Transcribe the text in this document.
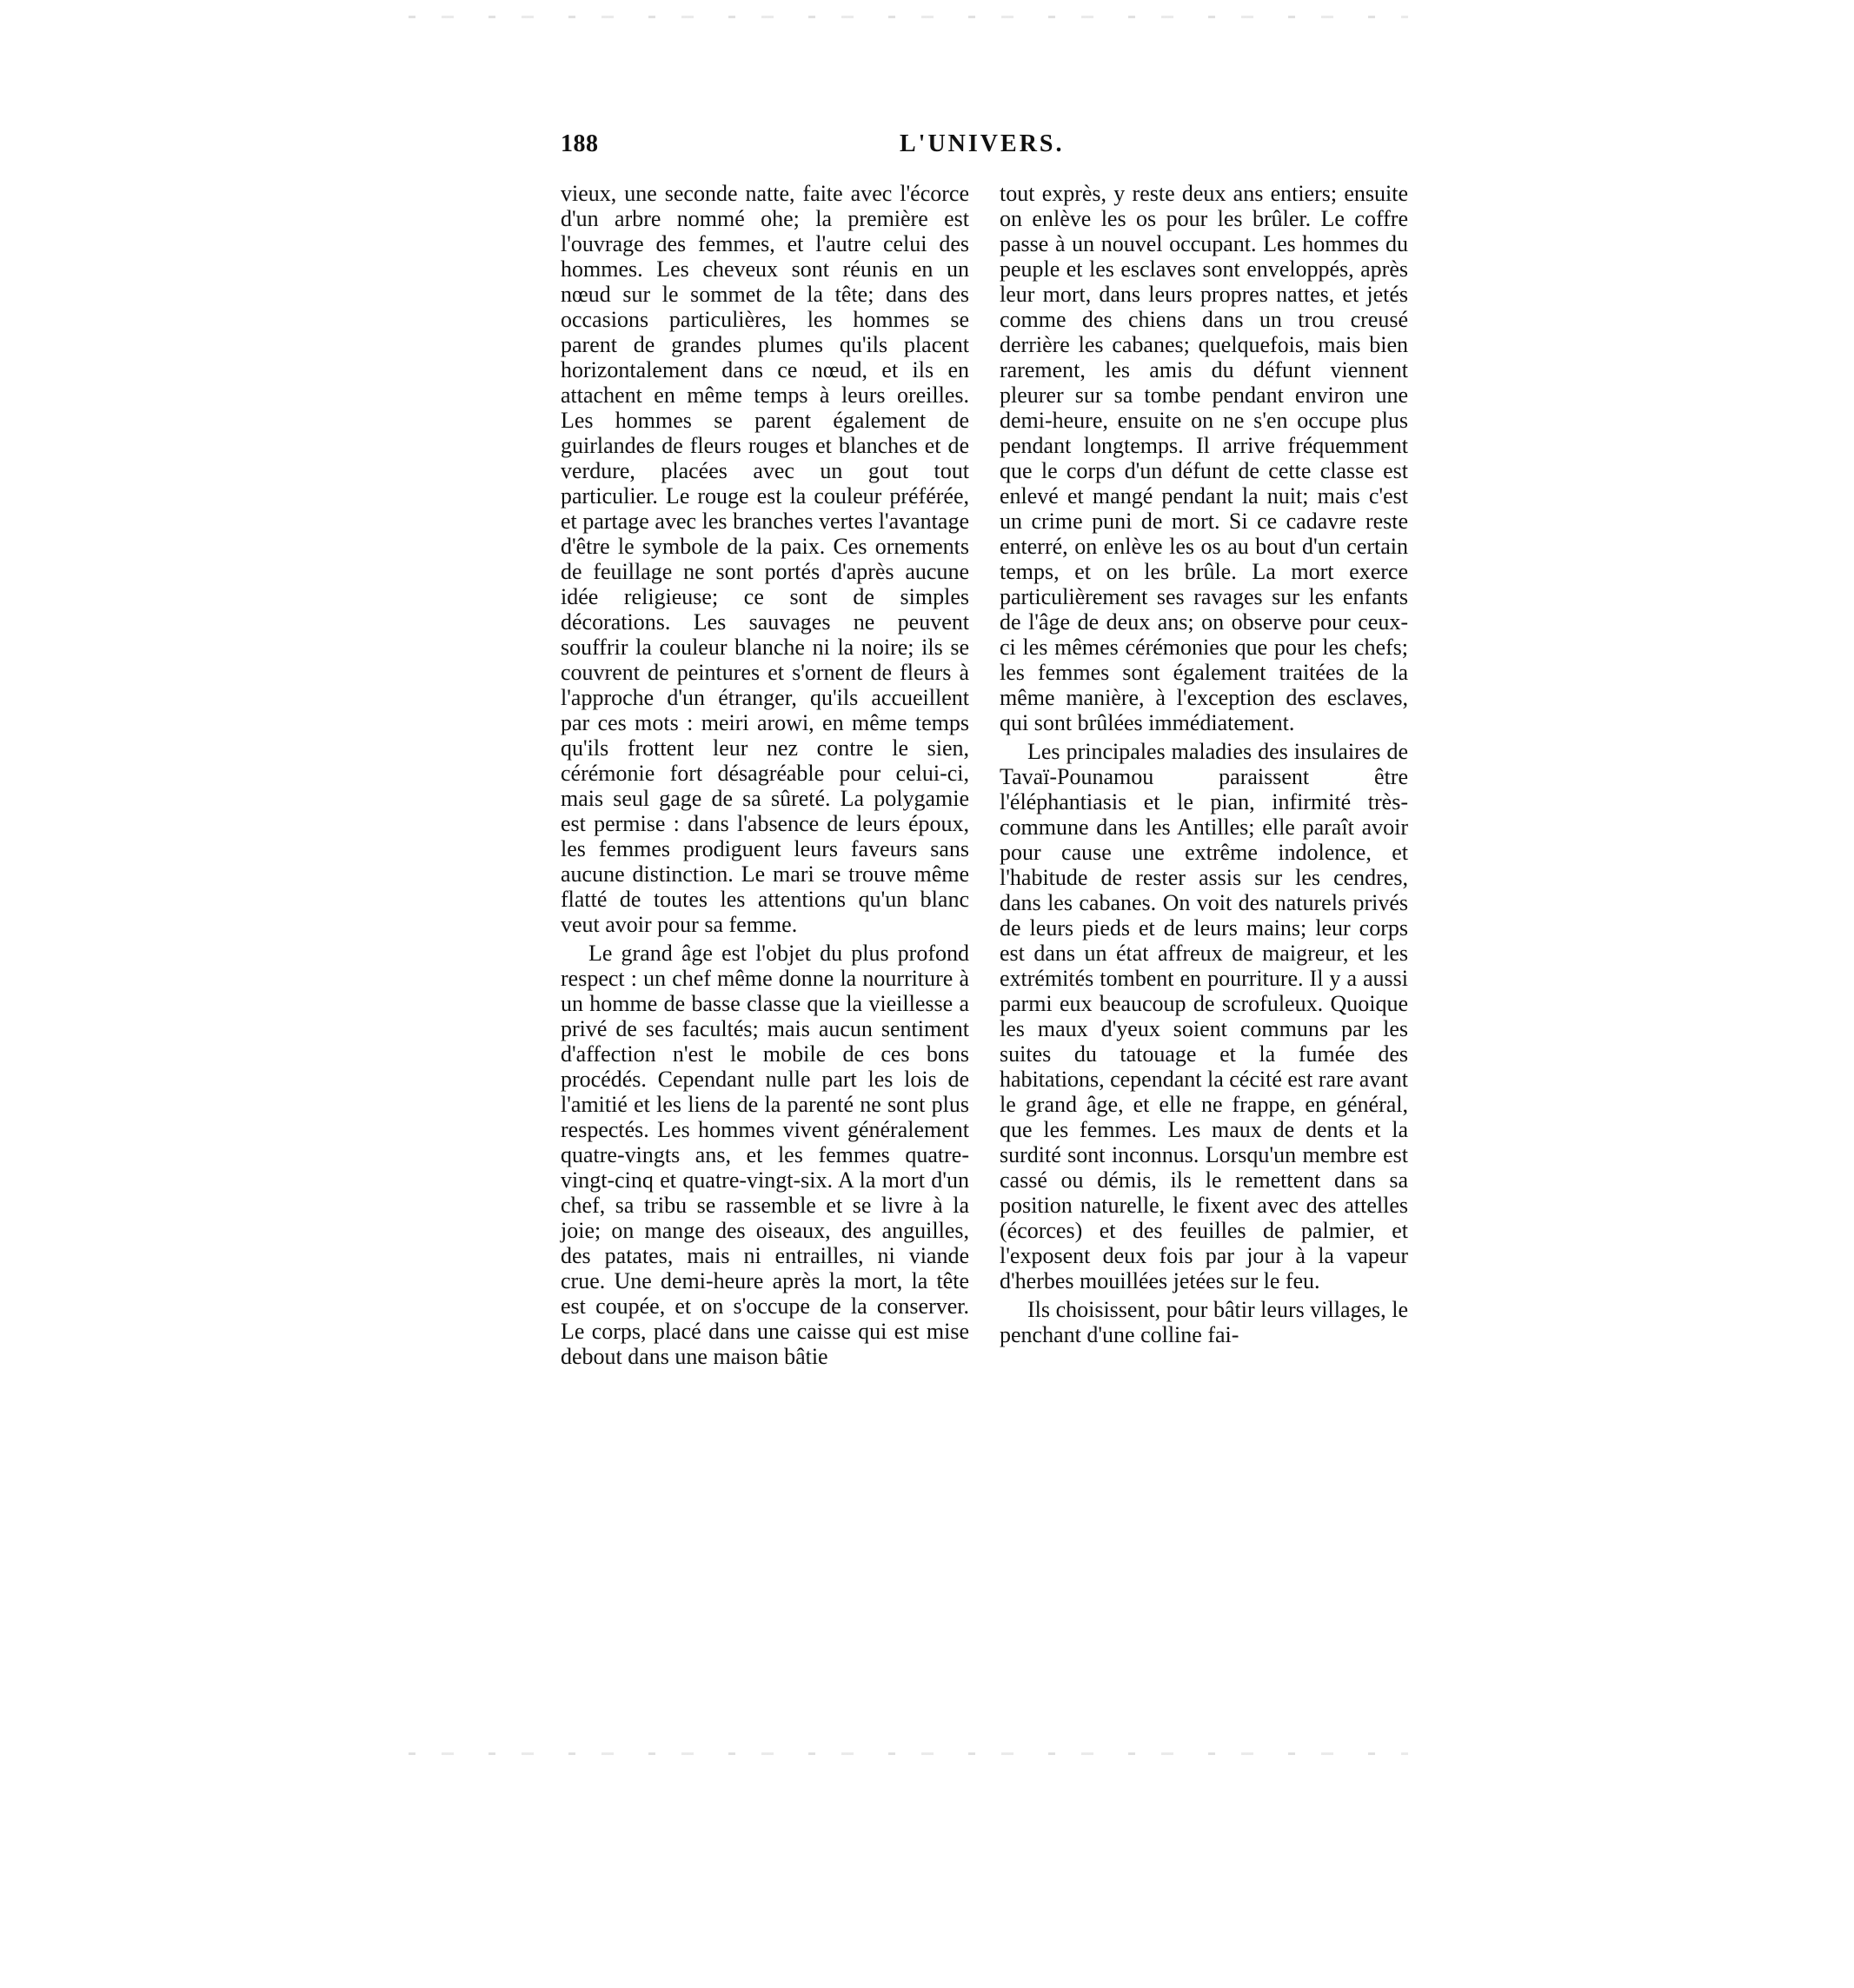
188	L'UNIVERS.

vieux, une seconde natte, faite avec l'écorce d'un arbre nommé ohe; la première est l'ouvrage des femmes, et l'autre celui des hommes. Les cheveux sont réunis en un nœud sur le sommet de la tête; dans des occasions particulières, les hommes se parent de grandes plumes qu'ils placent horizontalement dans ce nœud, et ils en attachent en même temps à leurs oreilles. Les hommes se parent également de guirlandes de fleurs rouges et blanches et de verdure, placées avec un gout tout particulier. Le rouge est la couleur préférée, et partage avec les branches vertes l'avantage d'être le symbole de la paix. Ces ornements de feuillage ne sont portés d'après aucune idée religieuse; ce sont de simples décorations. Les sauvages ne peuvent souffrir la couleur blanche ni la noire; ils se couvrent de peintures et s'ornent de fleurs à l'approche d'un étranger, qu'ils accueillent par ces mots : meiri arowi, en même temps qu'ils frottent leur nez contre le sien, cérémonie fort désagréable pour celui-ci, mais seul gage de sa sûreté. La polygamie est permise : dans l'absence de leurs époux, les femmes prodiguent leurs faveurs sans aucune distinction. Le mari se trouve même flatté de toutes les attentions qu'un blanc veut avoir pour sa femme.

Le grand âge est l'objet du plus profond respect : un chef même donne la nourriture à un homme de basse classe que la vieillesse a privé de ses facultés; mais aucun sentiment d'affection n'est le mobile de ces bons procédés. Cependant nulle part les lois de l'amitié et les liens de la parenté ne sont plus respectés. Les hommes vivent généralement quatre-vingts ans, et les femmes quatre-vingt-cinq et quatre-vingt-six. A la mort d'un chef, sa tribu se rassemble et se livre à la joie; on mange des oiseaux, des anguilles, des patates, mais ni entrailles, ni viande crue. Une demi-heure après la mort, la tête est coupée, et on s'occupe de la conserver. Le corps, placé dans une caisse qui est mise debout dans une maison bâtie

tout exprès, y reste deux ans entiers; ensuite on enlève les os pour les brûler. Le coffre passe à un nouvel occupant. Les hommes du peuple et les esclaves sont enveloppés, après leur mort, dans leurs propres nattes, et jetés comme des chiens dans un trou creusé derrière les cabanes; quelquefois, mais bien rarement, les amis du défunt viennent pleurer sur sa tombe pendant environ une demi-heure, ensuite on ne s'en occupe plus pendant longtemps. Il arrive fréquemment que le corps d'un défunt de cette classe est enlevé et mangé pendant la nuit; mais c'est un crime puni de mort. Si ce cadavre reste enterré, on enlève les os au bout d'un certain temps, et on les brûle. La mort exerce particulièrement ses ravages sur les enfants de l'âge de deux ans; on observe pour ceux-ci les mêmes cérémonies que pour les chefs; les femmes sont également traitées de la même manière, à l'exception des esclaves, qui sont brûlées immédiatement.

Les principales maladies des insulaires de Tavaï-Pounamou paraissent être l'éléphantiasis et le pian, infirmité très-commune dans les Antilles; elle paraît avoir pour cause une extrême indolence, et l'habitude de rester assis sur les cendres, dans les cabanes. On voit des naturels privés de leurs pieds et de leurs mains; leur corps est dans un état affreux de maigreur, et les extrémités tombent en pourriture. Il y a aussi parmi eux beaucoup de scrofuleux. Quoique les maux d'yeux soient communs par les suites du tatouage et la fumée des habitations, cependant la cécité est rare avant le grand âge, et elle ne frappe, en général, que les femmes. Les maux de dents et la surdité sont inconnus. Lorsqu'un membre est cassé ou démis, ils le remettent dans sa position naturelle, le fixent avec des attelles (écorces) et des feuilles de palmier, et l'exposent deux fois par jour à la vapeur d'herbes mouillées jetées sur le feu.

Ils choisissent, pour bâtir leurs villages, le penchant d'une colline fai-
